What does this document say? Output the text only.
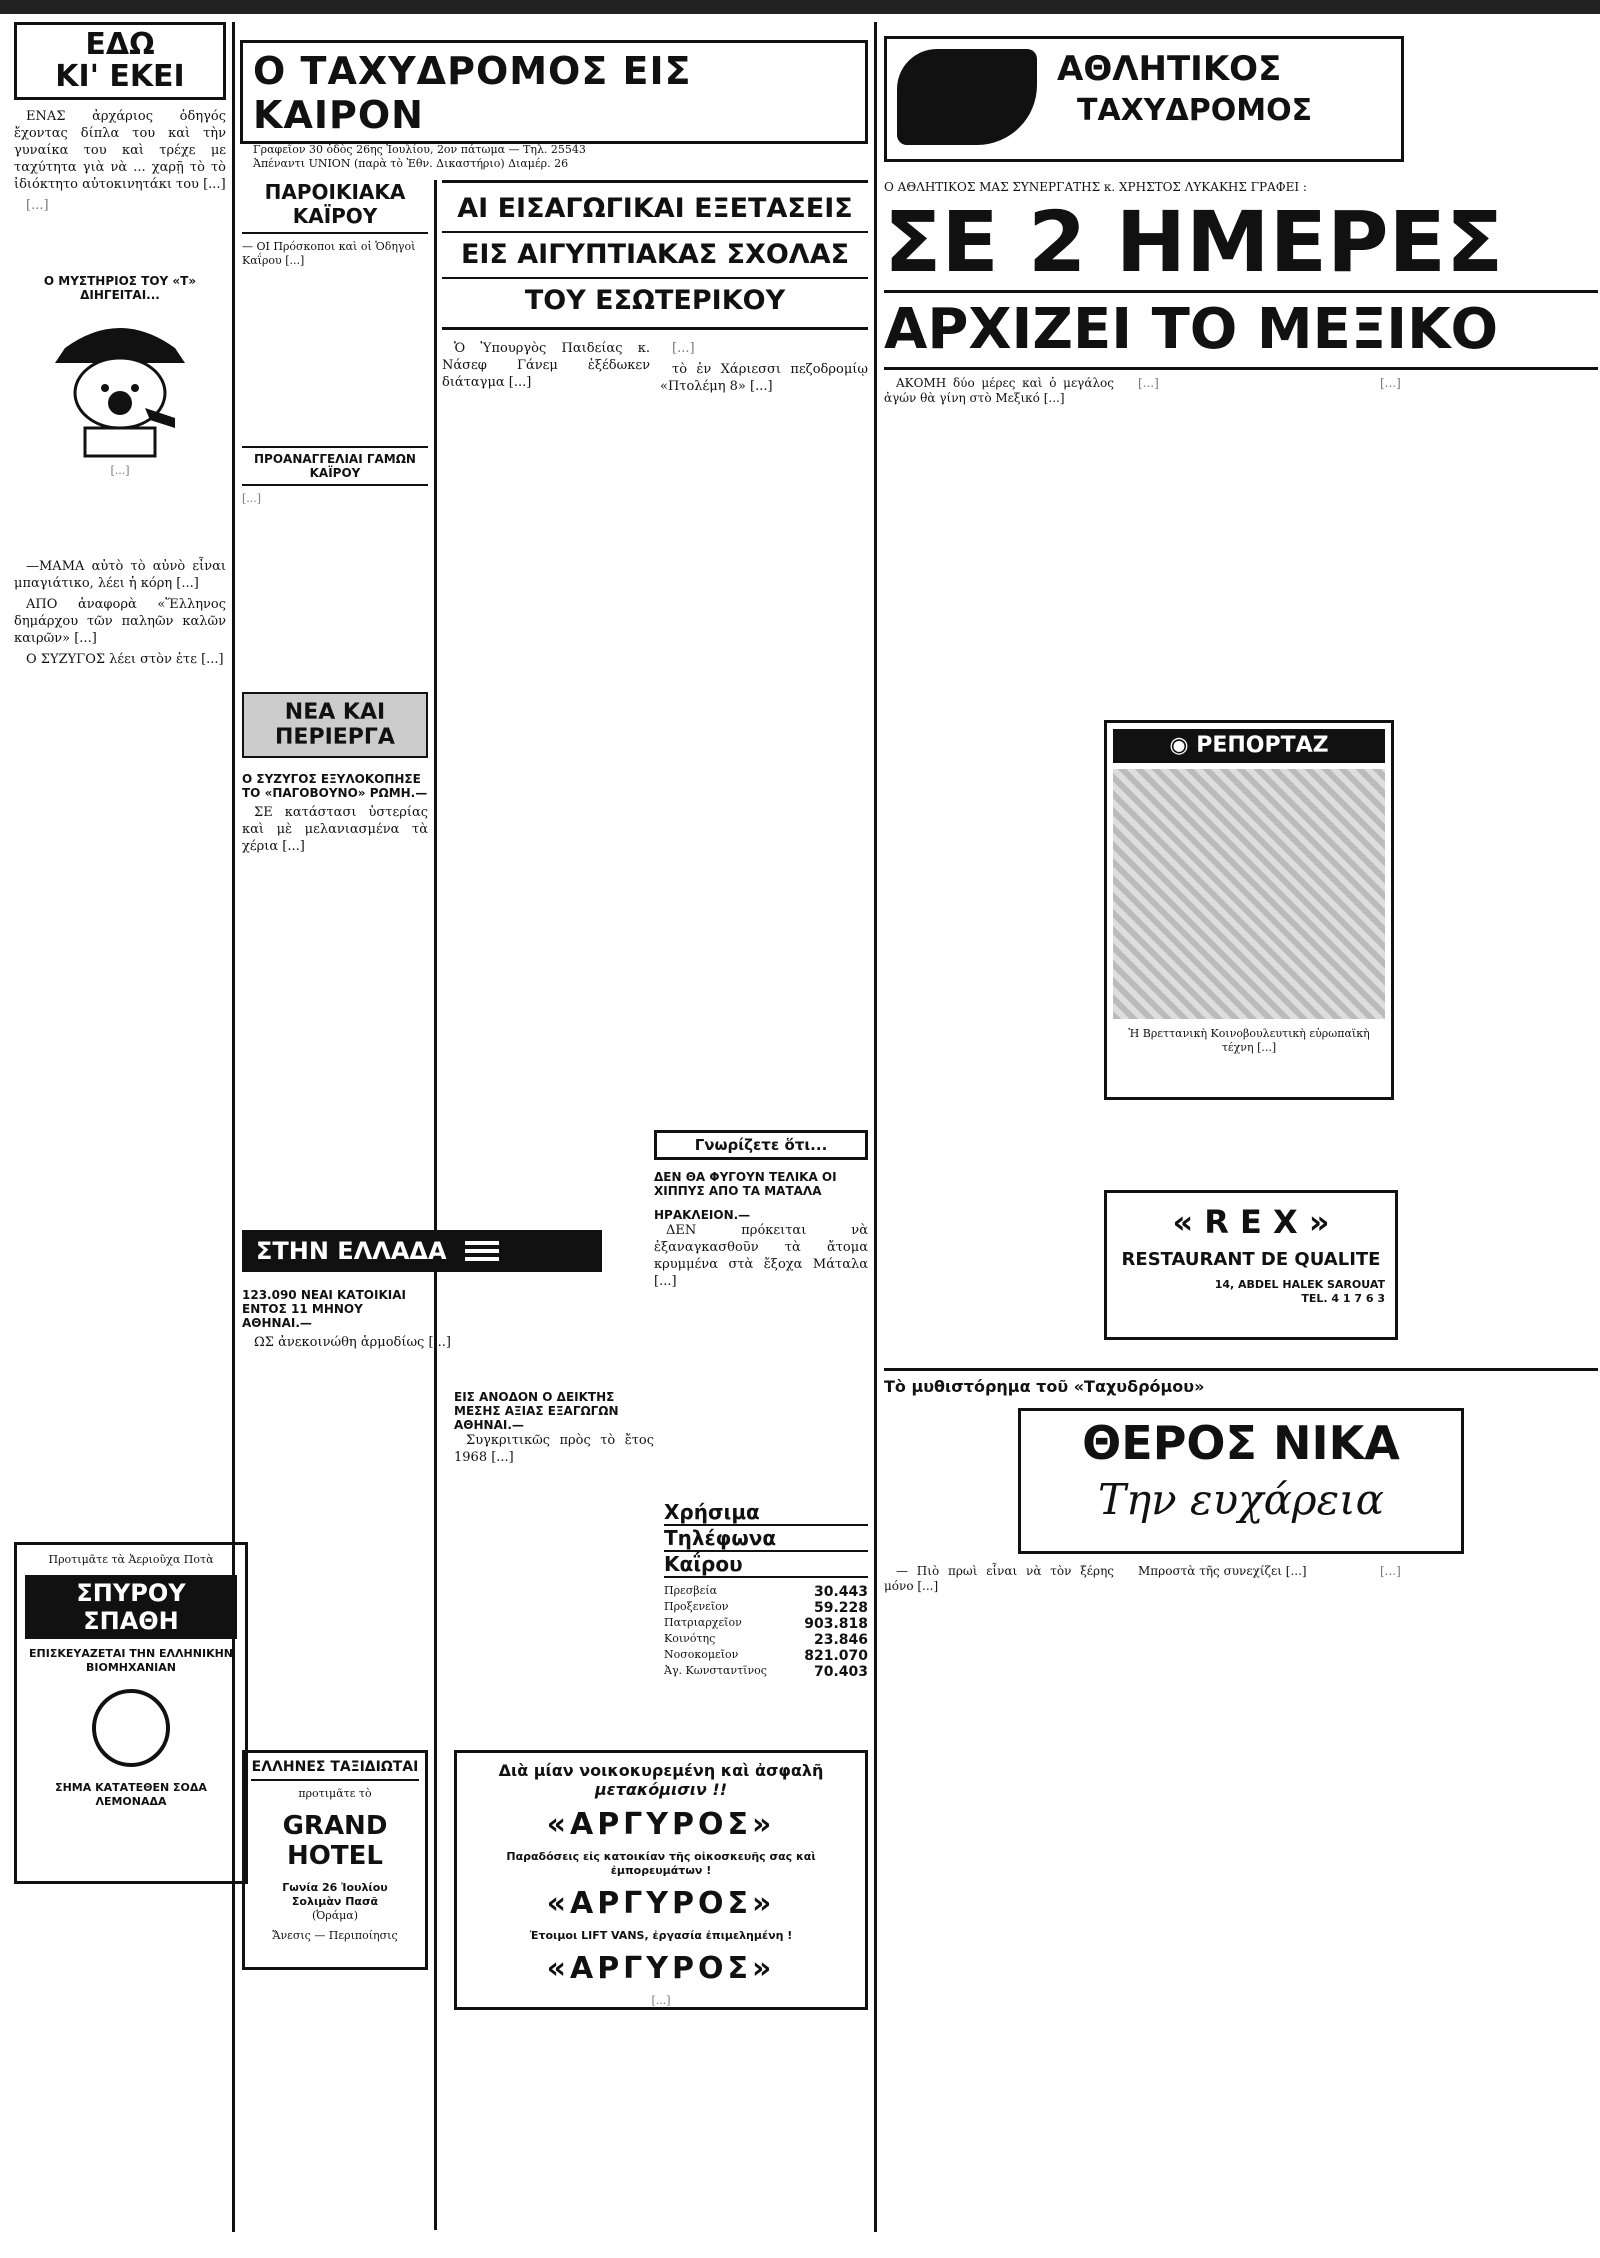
ΕΔΩ
ΚΙ' ΕΚΕΙ

ΕΝΑΣ ἀρχάριος ὁδηγός ἔχοντας δίπλα του καὶ τὴν γυναίκα του καὶ τρέχε με ταχύτητα γιὰ νὰ ... χαρῇ τὸ τὸ ἰδιόκτητο αὐτοκινητάκι του [...]

[...]

Ο ΜΥΣΤΗΡΙΟΣ ΤΟΥ «Τ» ΔΙΗΓΕΙΤΑΙ...
[...]

—ΜΑΜΑ αὐτὸ τὸ αὐνὸ εἶναι μπαγιάτικο, λέει ἡ κόρη [...]

ΑΠΟ ἀναφορὰ «Ἕλληνος δημάρχου τῶν παληῶν καλῶν καιρῶν» [...]

Ο ΣΥΖΥΓΟΣ λέει στὸν ἐτε [...]

Προτιμᾶτε τὰ Ἀεριοῦχα Ποτὰ
ΣΠΥΡΟΥ ΣΠΑΘΗ
ΕΠΙΣΚΕΥΑΖΕΤΑΙ ΤΗΝ ΕΛΛΗΝΙΚΗΝ ΒΙΟΜΗΧΑΝΙΑΝ
ΣΗΜΑ ΚΑΤΑΤΕΘΕΝ ΣΟΔΑ ΛΕΜΟΝΑΔΑ
Ο ΤΑΧΥΔΡΟΜΟΣ ΕΙΣ ΚΑΙΡΟΝ
Γραφεῖον 30 ὁδὸς 26ης Ἰουλίου, 2ον πάτωμα — Τηλ. 25543
Ἀπέναντι UNION (παρὰ τὸ Ἐθν. Δικαστήριο) Διαμέρ. 26
ΠΑΡΟΙΚΙΑΚΑ
ΚΑΪΡΟΥ

— ΟΙ Πρόσκοποι καὶ οἱ Ὁδηγοὶ Καΐρου [...]

ΠΡΟΑΝΑΓΓΕΛΙΑΙ ΓΑΜΩΝ ΚΑΪΡΟΥ
[...]
ΝΕΑ ΚΑΙ ΠΕΡΙΕΡΓΑ
Ο ΣΥΖΥΓΟΣ ΕΞΥΛΟΚΟΠΗΣΕ ΤΟ «ΠΑΓΟΒΟΥΝΟ» ΡΩΜΗ.—

ΣΕ κατάστασι ὑστερίας καὶ μὲ μελανιασμένα τὰ χέρια [...]

ΑΙ ΕΙΣΑΓΩΓΙΚΑΙ ΕΞΕΤΑΣΕΙΣ
ΕΙΣ ΑΙΓΥΠΤΙΑΚΑΣ ΣΧΟΛΑΣ
ΤΟΥ ΕΣΩΤΕΡΙΚΟΥ

Ὁ Ὑπουργὸς Παιδείας κ. Νάσεφ Γάνεμ ἐξέδωκεν διάταγμα [...]

[...]

τὸ ἐν Χάριεσσι πεζοδρομίῳ «Πτολέμη 8» [...]

ΣΤΗΝ ΕΛΛΑΔΑ
123.090 ΝΕΑΙ ΚΑΤΟΙΚΙΑΙ ΕΝΤΟΣ 11 ΜΗΝΟΥ ΑΘΗΝΑΙ.—

ΩΣ ἀνεκοινώθη ἁρμοδίως [...]

Γνωρίζετε ὅτι...
ΔΕΝ ΘΑ ΦΥΓΟΥΝ ΤΕΛΙΚΑ ΟΙ ΧΙΠΠΥΣ ΑΠΟ ΤΑ ΜΑΤΑΛΑ
ΗΡΑΚΛΕΙΟΝ.—

ΔΕΝ πρόκειται νὰ ἐξαναγκασθοῦν τὰ ἄτομα κρυμμένα στὰ ἔξοχα Μάταλα [...]

ΕΙΣ ΑΝΟΔΟΝ Ο ΔΕΙΚΤΗΣ ΜΕΣΗΣ ΑΞΙΑΣ ΕΞΑΓΩΓΩΝ
ΑΘΗΝΑΙ.—

Συγκριτικῶς πρὸς τὸ ἔτος 1968 [...]

Χρήσιμα
Τηλέφωνα
Καΐρου
Πρεσβεία	30.443
Προξενεῖον	59.228
Πατριαρχεῖον	903.818
Κοινότης	23.846
Νοσοκομεῖον	821.070
Ἀγ. Κωνσταντῖνος	70.403
ΕΛΛΗΝΕΣ ΤΑΞΙΔΙΩΤΑΙ
προτιμᾶτε τὸ
GRAND HOTEL
Γωνία 26 Ἰουλίου
Σολιμὰν Πασᾶ
(Ὀράμα)
Ἄνεσις — Περιποίησις
Διὰ μίαν νοικοκυρεμένη καὶ ἀσφαλῆ
μετακόμισιν !!
«ΑΡΓΥΡΟΣ»
Παραδόσεις εἰς κατοικίαν τῆς οἰκοσκευῆς σας καὶ ἐμπορευμάτων !
«ΑΡΓΥΡΟΣ»
Ἐτοιμοι LIFT VANS, ἐργασία ἐπιμελημένη !
«ΑΡΓΥΡΟΣ»
[...]
ΑΘΛΗΤΙΚΟΣ
ΤΑΧΥΔΡΟΜΟΣ
Ο ΑΘΛΗΤΙΚΟΣ ΜΑΣ ΣΥΝΕΡΓΑΤΗΣ κ. ΧΡΗΣΤΟΣ ΛΥΚΑΚΗΣ ΓΡΑΦΕΙ :
ΣΕ 2 ΗΜΕΡΕΣ
ΑΡΧΙΖΕΙ ΤΟ ΜΕΞΙΚΟ

ΑΚΟΜΗ δύο μέρες καὶ ὁ μεγάλος ἀγών θὰ γίνη στὸ Μεξικό [...]

[...]	[...]

◉ ΡΕΠΟΡΤΑΖ
Ἡ Βρεττανικὴ Κοινοβουλευτικὴ εὐρωπαϊκὴ τέχνη [...]
« R E X »
RESTAURANT DE QUALITE
14, ABDEL HALEK SAROUAT
TEL. 4 1 7 6 3
Τὸ μυθιστόρημα τοῦ «Ταχυδρόμου»
ΘΕΡΟΣ ΝΙΚΑ
Την ευχάρεια

— Πιὸ πρωὶ εἶναι νὰ τὸν ξέρης μόνο [...]

Μπροστὰ τῆς συνεχίζει [...]	[...]
